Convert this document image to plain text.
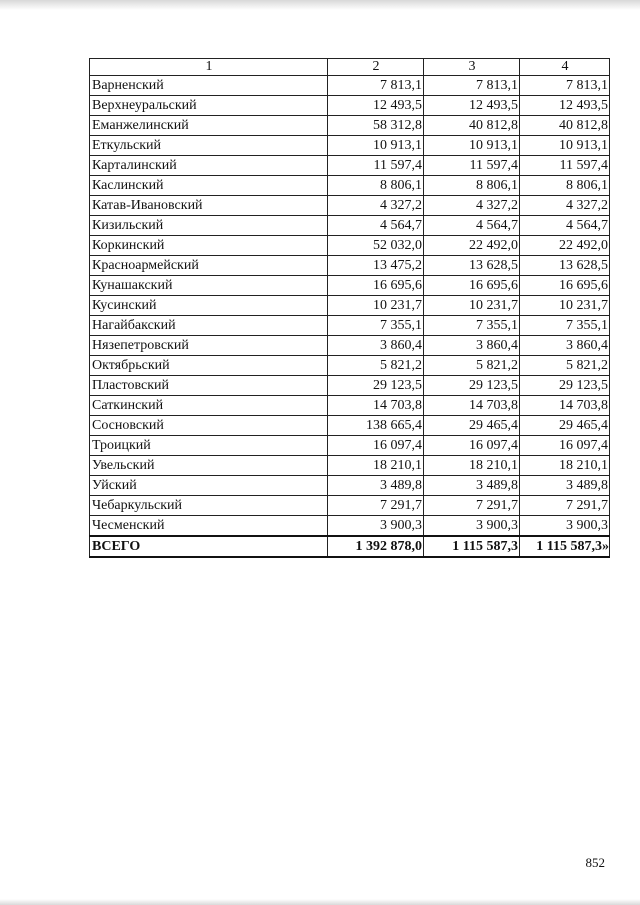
1	2	3	4
Варненский	7 813,1	7 813,1	7 813,1
Верхнеуральский	12 493,5	12 493,5	12 493,5
Еманжелинский	58 312,8	40 812,8	40 812,8
Еткульский	10 913,1	10 913,1	10 913,1
Карталинский	11 597,4	11 597,4	11 597,4
Каслинский	8 806,1	8 806,1	8 806,1
Катав-Ивановский	4 327,2	4 327,2	4 327,2
Кизильский	4 564,7	4 564,7	4 564,7
Коркинский	52 032,0	22 492,0	22 492,0
Красноармейский	13 475,2	13 628,5	13 628,5
Кунашакский	16 695,6	16 695,6	16 695,6
Кусинский	10 231,7	10 231,7	10 231,7
Нагайбакский	7 355,1	7 355,1	7 355,1
Нязепетровский	3 860,4	3 860,4	3 860,4
Октябрьский	5 821,2	5 821,2	5 821,2
Пластовский	29 123,5	29 123,5	29 123,5
Саткинский	14 703,8	14 703,8	14 703,8
Сосновский	138 665,4	29 465,4	29 465,4
Троицкий	16 097,4	16 097,4	16 097,4
Увельский	18 210,1	18 210,1	18 210,1
Уйский	3 489,8	3 489,8	3 489,8
Чебаркульский	7 291,7	7 291,7	7 291,7
Чесменский	3 900,3	3 900,3	3 900,3
ВСЕГО	1 392 878,0	1 115 587,3	1 115 587,3»
852
